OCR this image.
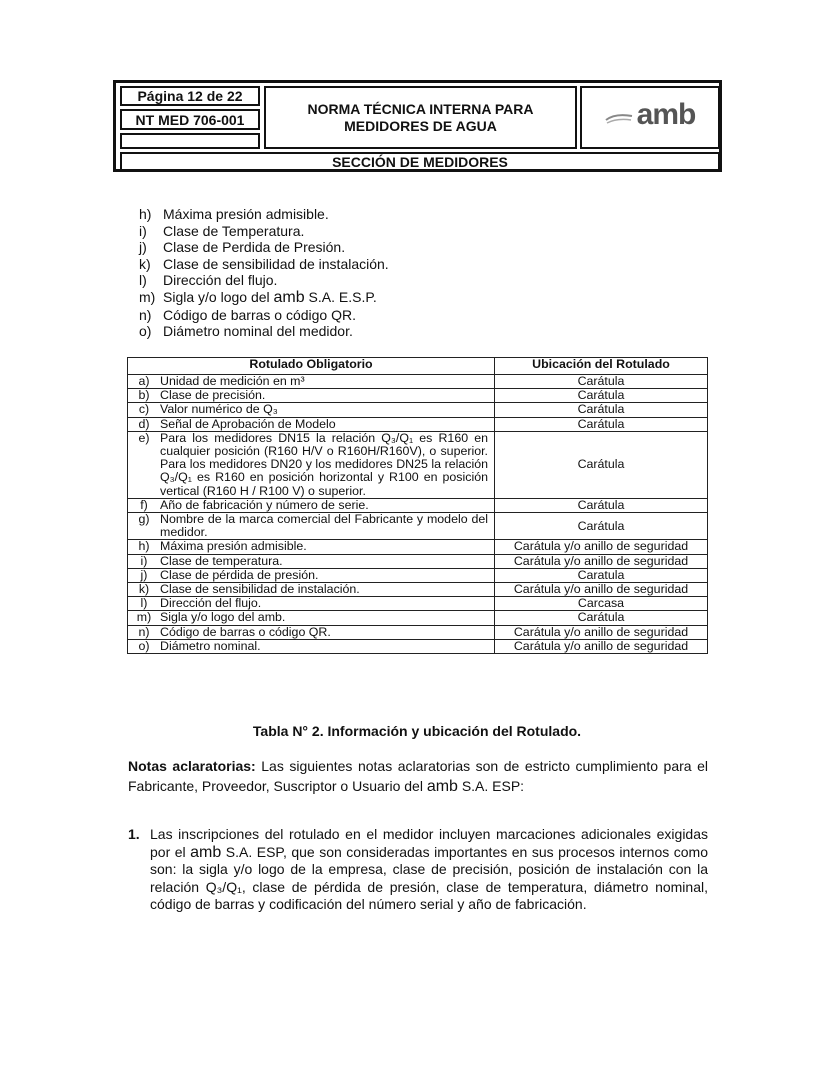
Página 12 de 22
NT MED 706-001
_
NORMA TÉCNICA INTERNA PARA
MEDIDORES DE AGUA	amb

SECCIÓN DE MEDIDORES
h) Máxima presión admisible.
i)	Clase de Temperatura.
j)	Clase de Perdida de Presión.
k) Clase de sensibilidad de instalación.
l)	Dirección del flujo.
m) Sigla y/o logo del amb S.A. E.S.P.
n) Código de barras o código QR.
o) Diámetro nominal del medidor.
Rotulado Obligatorio	Ubicación del Rotulado

a) Unidad de medición en m³	Carátula

b) Clase de precisión.	Carátula

c) Valor numérico de Q₃	Carátula

d) Señal de Aprobación de Modelo	Carátula

e) Para los medidores DN15 la relación Q₃/Q₁ es R160 en cualquier posición (R160 H/V o R160H/R160V), o superior. Para los medidores DN20 y los medidores DN25 la relación Q₃/Q₁ es R160 en posición horizontal y R100 en posición vertical (R160 H / R100 V) o superior.	Carátula

f) Año de fabricación y número de serie.	Carátula

g) Nombre de la marca comercial del Fabricante y modelo del medidor.	Carátula

h) Máxima presión admisible.	Carátula y/o anillo de seguridad

i) Clase de temperatura.	Carátula y/o anillo de seguridad

j) Clase de pérdida de presión.	Caratula

k) Clase de sensibilidad de instalación.	Carátula y/o anillo de seguridad

l) Dirección del flujo.	Carcasa

m) Sigla y/o logo del amb.	Carátula

n) Código de barras o código QR.	Carátula y/o anillo de seguridad

o) Diámetro nominal.	Carátula y/o anillo de seguridad
Tabla N° 2. Información y ubicación del Rotulado.
Notas aclaratorias: Las siguientes notas aclaratorias son de estricto cumplimiento para el Fabricante, Proveedor, Suscriptor o Usuario del amb S.A. ESP:
1. Las inscripciones del rotulado en el medidor incluyen marcaciones adicionales exigidas por el amb S.A. ESP, que son consideradas importantes en sus procesos internos como son: la sigla y/o logo de la empresa, clase de precisión, posición de instalación con la relación Q₃/Q₁, clase de pérdida de presión, clase de temperatura, diámetro nominal, código de barras y codificación del número serial y año de fabricación.
